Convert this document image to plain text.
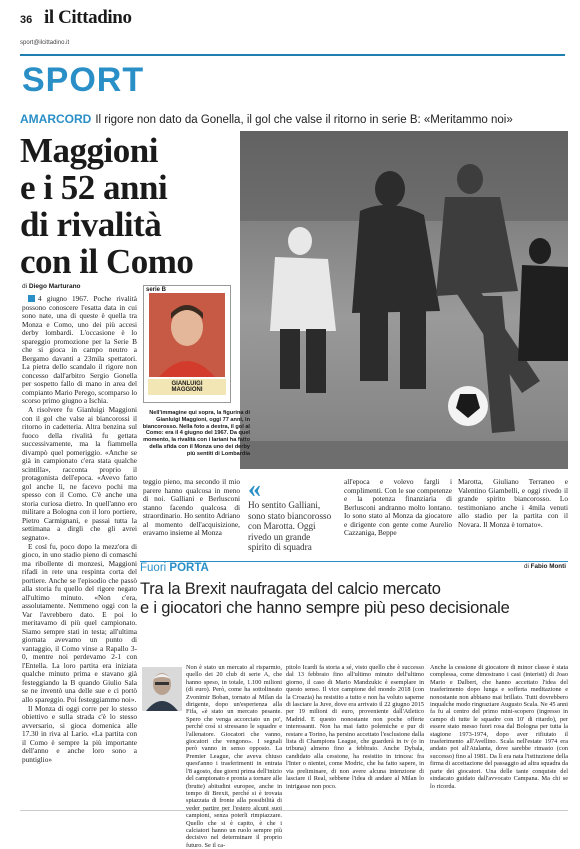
36 il Cittadino
sport@ilcittadino.it
SPORT
AMARCORD Il rigore non dato da Gonella, il gol che valse il ritorno in serie B: «Meritammo noi»
Maggioni
e i 52 anni
di rivalità
con il Como
di Diego Marturano

4 giugno 1967. Poche rivalità possono conoscere l'esatta data in cui sono nate, una di queste è quella tra Monza e Como, uno dei più accesi derby lombardi. L'occasione è lo spareggio promozione per la Serie B che si gioca in campo neutro a Bergamo davanti a 23mila spettatori. La pietra dello scandalo il rigore non concesso dall'arbitro Sergio Gonella per sospetto fallo di mano in area del compianto Mario Perego, scomparso lo scorso primo giugno a Ischia.

A risolvere fu Gianluigi Maggioni con il gol che valse ai biancorossi il ritorno in cadetteria. Altra benzina sul fuoco della rivalità fu gettata successivamente, ma la fiammella divampò quel pomeriggio. «Anche se già in campionato c'era stata qualche scintilla», racconta proprio il protagonista dell'epoca. «Avevo fatto gol anche lì, ne facevo pochi ma spesso con il Como. C'è anche una storia curiosa dietro. In quell'anno ero militare a Bologna con il loro portiere, Pietro Carmignani, e passai tutta la settimana a dirgli che gli avrei segnato».

E così fu, poco dopo la mezz'ora di gioco, in uno stadio pieno di comaschi ma ribollente di monzesi, Maggioni rifadi in rete una respinta corta del portiere. Anche se l'episodio che passò alla storia fu quello del rigore negato all'ultimo minuto. «Non c'era, assolutamente. Nemmeno oggi con la Var l'avrebbero dato. E poi lo meritavamo di più quel campionato. Siamo sempre stati in testa; all'ultima giornata avevamo un punto di vantaggio, il Como vinse a Rapallo 3-0, mentre noi perdevamo 2-1 con l'Entella. La loro partita era iniziata qualche minuto prima e stavano già festeggiando la B quando Giulio Sala se ne inventò una delle sue e ci portò allo spareggio. Poi festeggiammo noi».

Il Monza di oggi corre per lo stesso obiettivo e sulla strada c'è lo stesso avversario, si gioca domenica alle 17.30 in riva al Lario. «La partita con il Como è sempre la più importante dell'anno e anche loro sono a puntiglio»

serie B
GIANLUIGI
MAGGIONI
Nell'immagine qui sopra, la figurina di Gianluigi Maggioni, oggi 77 anni, in biancorosso. Nella foto a destra, il gol al Como: era il 4 giugno del 1967. Da quel momento, la rivalità con i lariani ha fatto della sfida con il Monza uno dei derby più sentiti di Lombardia

teggio pieno, ma secondo il mio parere hanno qualcosa in meno di noi. Galliani e Berlusconi stanno facendo qualcosa di straordinario. Ho sentito Adriano al momento dell'acquisizione, eravamo insieme al Monza

«
Ho sentito Galliani, sono stato biancorosso con Marotta. Oggi rivedo un grande spirito di squadra

all'epoca e volevo fargli i complimenti. Con le sue competenze e la potenza finanziaria di Berlusconi andranno molto lontano. Io sono stato al Monza da giocatore e dirigente con gente come Aurelio Cazzaniga, Beppe

Marotta, Giuliano Terraneo e Valentino Giambelli, e oggi rivedo il grande spirito biancorosso. Lo testimoniano anche i 4mila venuti allo stadio per la partita con il Novara. Il Monza è tornato».

Fuori PORTA	di Fabio Monti
Tra la Brexit naufragata del calcio mercato
e i giocatori che hanno sempre più peso decisionale
Non è stato un mercato al risparmio, quello dei 20 club di serie A, che hanno speso, in totale, 1.100 milioni (di euro). Però, come ha sottolineato Zvonimir Boban, tornato al Milan da dirigente, dopo un'esperienza alla Fifa, «è stato un mercato pesante. Spero che venga accorciato un po', perché così si stressano le squadre e l'allenatore. Giocatori che vanno, giocatori che vengono». I segnali però vanno in senso opposto. La Premier League, che aveva chiuso quest'anno i trasferimenti in entrata l'8 agosto, due giorni prima dell'inizio del campionato e pronta a tornare alle (brutte) abitudini europee, anche in tempo di Brexit, perché si è trovata spiazzata di fronte alla possibilità di veder partire per l'estero alcuni suoi campioni, senza poterli rimpiazzare. Quello che si è capito, è che i calciatori hanno un ruolo sempre più decisivo nel determinare il proprio futuro. Se il ca-
pitolo Icardi fa storia a sé, visto quello che è successo dal 13 febbraio fino all'ultimo minuto dell'ultimo giorno, il caso di Mario Mandzukic è esemplare in questo senso. Il vice campione del mondo 2018 (con la Croazia) ha resistito a tutto e non ha voluto saperne di lasciare la Juve, dove era arrivato il 22 giugno 2015 per 19 milioni di euro, proveniente dall'Atletico Madrid. E questo nonostante non poche offerte interessanti. Non ha mai fatto polemiche e pur di restare a Torino, ha persino accettato l'esclusione dalla lista di Champions League, che guarderà in tv (o in tribuna) almeno fino a febbraio. Anche Dybala, candidato alla cessione, ha resistito in trincea: fra l'Inter o nientei, come Modric, che ha fatto sapere, in via preliminare, di non avere alcuna intenzione di lasciare il Real, sebbene l'idea di andare al Milan lo intrigasse non poco.
Anche la cessione di giocatore di minor classe è stata complessa, come dimostrano i casi (interisti) di Joao Mario e Dalbert, che hanno accettato l'idea del trasferimento dopo lunga e sofferta meditazione e nonostante non abbiano mai brillato. Tutti dovrebbero inqualche modo ringraziare Augusto Scala. Ne 45 anni fa fu al centro del primo mini-scopero (ingresso in campo di tutte le squadre con 10' di ritardo), per essere stato messo fuori rosa dal Bologna per tutta la stagione 1973-1974, dopo aver rifiutato il trasferimento all'Avellino. Scala nell'estate 1974 era andato poi all'Atalanta, dove sarebbe rimasto (con successo) fino al 1981. Da lì era nata l'istituzione della firma di accettazione del passaggio ad altra squadra da parte dei giocatori. Una delle tante conquiste del sindacato guidato dall'avvocato Campana. Ma chi se lo ricorda.
